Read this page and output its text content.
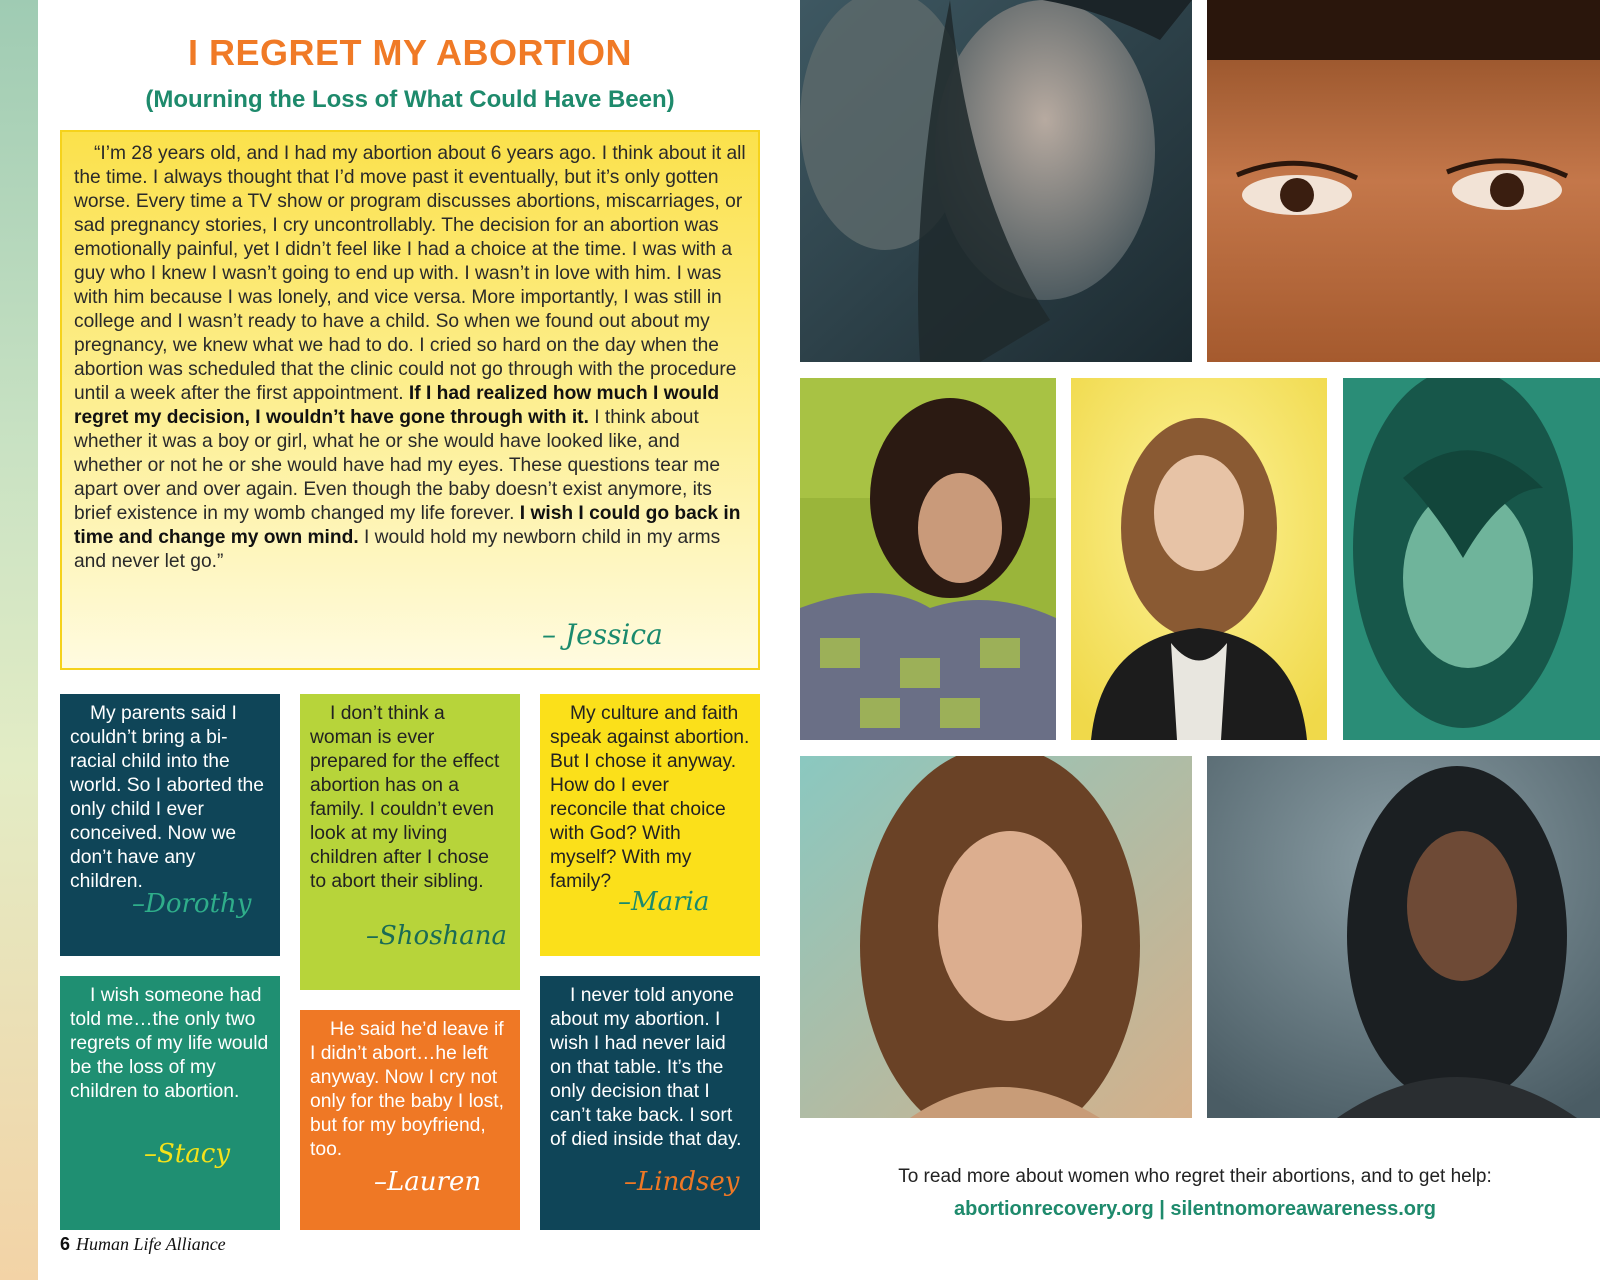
I REGRET MY ABORTION
(Mourning the Loss of What Could Have Been)

“I’m 28 years old, and I had my abortion about 6 years ago. I think about it all the time. I always thought that I’d move past it eventually, but it’s only gotten worse. Every time a TV show or program discusses abortions, miscarriages, or sad pregnancy stories, I cry uncontrollably. The decision for an abortion was emotionally painful, yet I didn’t feel like I had a choice at the time. I was with a guy who I knew I wasn’t going to end up with. I wasn’t in love with him. I was with him because I was lonely, and vice versa. More importantly, I was still in college and I wasn’t ready to have a child. So when we found out about my pregnancy, we knew what we had to do. I cried so hard on the day when the abortion was scheduled that the clinic could not go through with the procedure until a week after the first appointment. If I had realized how much I would regret my decision, I wouldn’t have gone through with it. I think about whether it was a boy or girl, what he or she would have looked like, and whether or not he or she would have had my eyes. These questions tear me apart over and over again. Even though the baby doesn’t exist anymore, its brief existence in my womb changed my life forever. I wish I could go back in time and change my own mind. I would hold my newborn child in my arms and never let go.”

– Jessica

My parents said I couldn’t bring a bi-racial child into the world. So I aborted the only child I ever conceived. Now we don’t have any children.

–Dorothy

I wish someone had told me…the only two regrets of my life would be the loss of my children to abortion.

–Stacy

I don’t think a woman is ever prepared for the effect abortion has on a family. I couldn’t even look at my living children after I chose to abort their sibling.

–Shoshana

He said he’d leave if I didn’t abort…he left anyway. Now I cry not only for the baby I lost, but for my boyfriend, too.

–Lauren

My culture and faith speak against abortion. But I chose it anyway. How do I ever reconcile that choice with God? With myself? With my family?

–Maria

I never told anyone about my abortion. I wish I had never laid on that table. It’s the only decision that I can’t take back. I sort of died inside that day.

–Lindsey	To read more about women who regret their abortions, and to get help:
abortionrecovery.org | silentnomoreawareness.org
6 Human Life Alliance
